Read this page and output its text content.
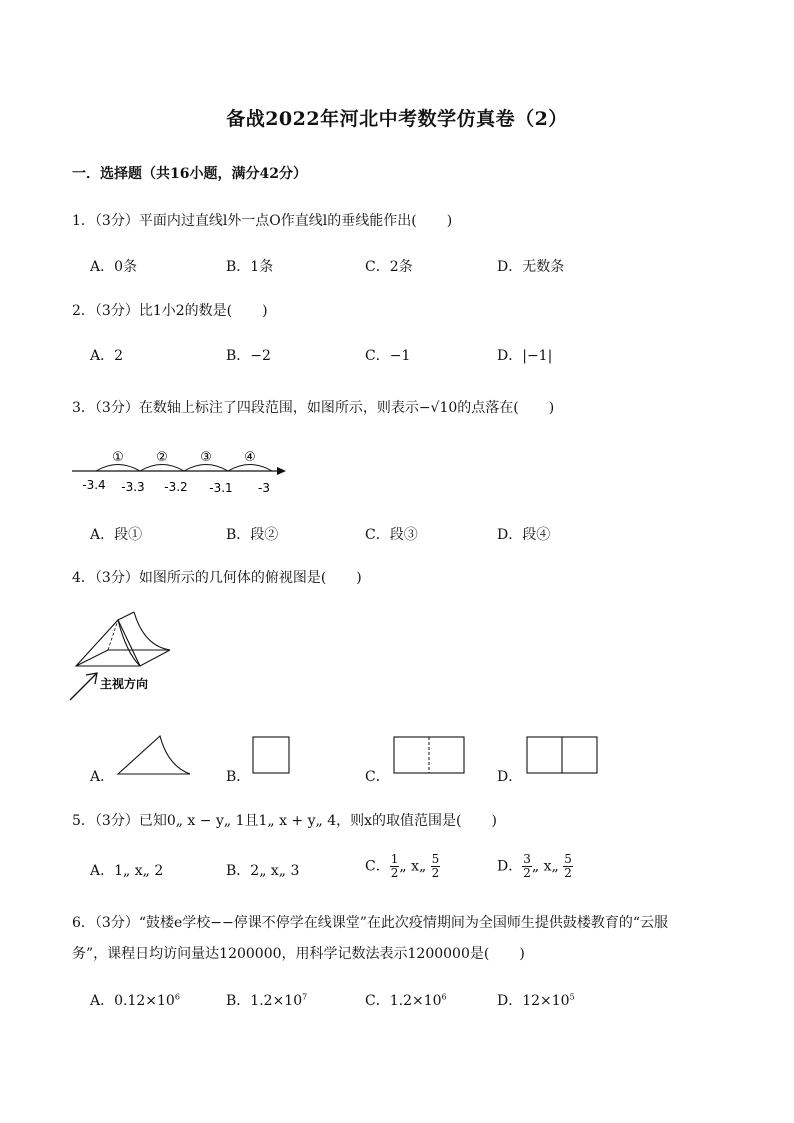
备战2022年河北中考数学仿真卷（2）
一．选择题（共16小题，满分42分）
1．（3分）平面内过直线l外一点O作直线l的垂线能作出( )
A．0条	B．1条	C．2条	D．无数条
2．（3分）比1小2的数是( )
A．2	B．−2	C．−1	D．|−1|
3．（3分）在数轴上标注了四段范围，如图所示，则表示−√10的点落在( )
① ② ③ ④
-3.4 -3.3 -3.2 -3.1 -3
A．段①	B．段②	C．段③	D．段④
4．（3分）如图所示的几何体的俯视图是( )
主视方向
A．	B．	C．	D．
5．（3分）已知0„ x − y„ 1且1„ x + y„ 4，则x的取值范围是( )
A．1„ x„ 2	B．2„ x„ 3	C． $\frac{1}{2}$ „ x„ $\frac{5}{2}$	D． $\frac{3}{2}$ „ x„ $\frac{5}{2}$
6．（3分）“鼓楼e学校−−停课不停学在线课堂”在此次疫情期间为全国师生提供鼓楼教育的“云服
务”，课程日均访问量达1200000，用科学记数法表示1200000是( )
A．$0.12\times 10^6$	B．$1.2\times 10^7$	C．$1.2\times 10^6$	D．$12\times 10^5$
